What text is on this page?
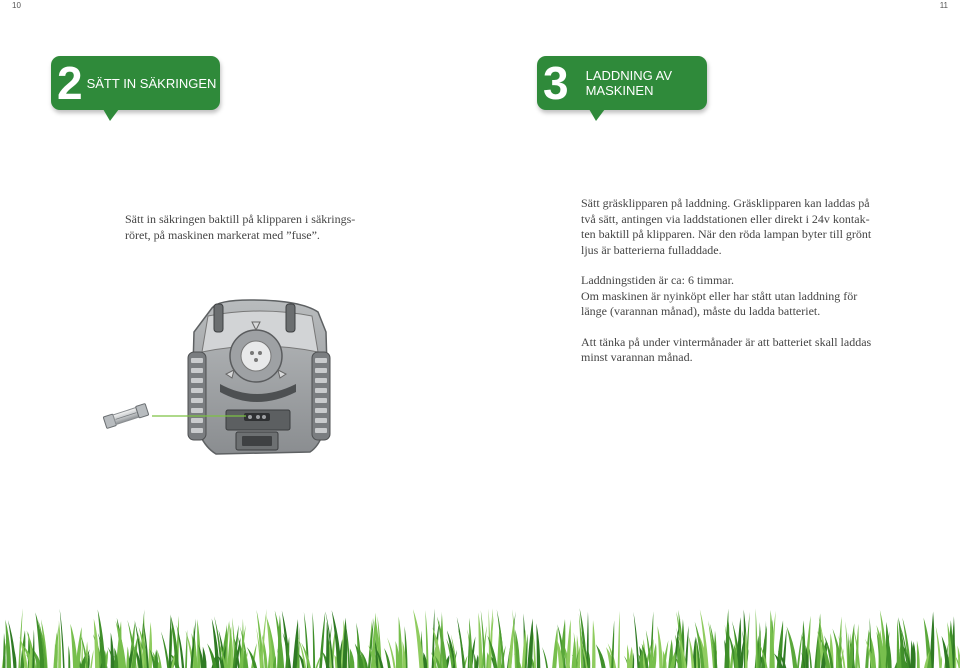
10	11
2 SÄTT IN SÄKRINGEN	3 LADDNING AV
MASKINEN

Sätt in säkringen baktill på klipparen i säkrings-
röret, på maskinen markerat med ”fuse”.

Sätt gräsklipparen på laddning. Gräsklipparen kan laddas på
två sätt, antingen via laddstationen eller direkt i 24v kontak-
ten baktill på klipparen. När den röda lampan byter till grönt
ljus är batterierna fulladdade.

Laddningstiden är ca: 6 timmar.
Om maskinen är nyinköpt eller har stått utan laddning för
länge (varannan månad), måste du ladda batteriet.

Att tänka på under vintermånader är att batteriet skall laddas
minst varannan månad.
